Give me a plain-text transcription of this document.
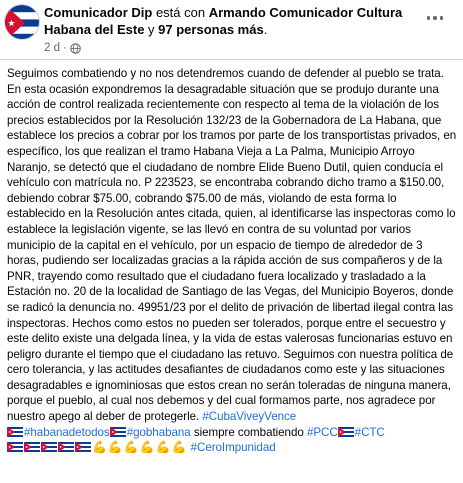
Comunicador Dip está con Armando Comunicador Cultura Habana del Este y 97 personas más.
2 d ·
Seguimos combatiendo y no nos detendremos cuando de defender al pueblo se trata. En esta ocasión expondremos la desagradable situación que se produjo durante una acción de control realizada recientemente con respecto al tema de la violación de los precios establecidos por la Resolución 132/23 de la Gobernadora de La Habana, que establece los precios a cobrar por los tramos por parte de los transportistas privados, en específico, los que realizan el tramo Habana Vieja a La Palma, Municipio Arroyo Naranjo, se detectó que el ciudadano de nombre Elide Bueno Dutil, quien conducía el vehículo con matrícula no. P 223523, se encontraba cobrando dicho tramo a $150.00, debiendo cobrar $75.00, cobrando $75.00 de más, violando de esta forma lo establecido en la Resolución antes citada, quien, al identificarse las inspectoras como lo establece la legislación vigente, se las llevó en contra de su voluntad por varios municipio de la capital en el vehículo, por un espacio de tiempo de alrededor de 3 horas, pudiendo ser localizadas gracias a la rápida acción de sus compañeros y de la PNR, trayendo como resultado que el ciudadano fuera localizado y trasladado a la Estación no. 20 de la localidad de Santiago de las Vegas, del Municipio Boyeros, donde se radicó la denuncia no. 49951/23 por el delito de privación de libertad ilegal contra las inspectoras. Hechos como estos no pueden ser tolerados, porque entre el secuestro y este delito existe una delgada línea, y la vida de estas valerosas funcionarias estuvo en peligro durante el tiempo que el ciudadano las retuvo. Seguimos con nuestra política de cero tolerancia, y las actitudes desafiantes de ciudadanos como este y las situaciones desagradables e ignominiosas que estos crean no serán toleradas de ninguna manera, porque el pueblo, al cual nos debemos y del cual formamos parte, nos agradece por nuestro apego al deber de protegerle. #CubaViveyVence

#habanadetodos #gobhabana siempre combatiendo #PCC #CTC

💪💪💪💪💪💪 #CeroImpunidad
